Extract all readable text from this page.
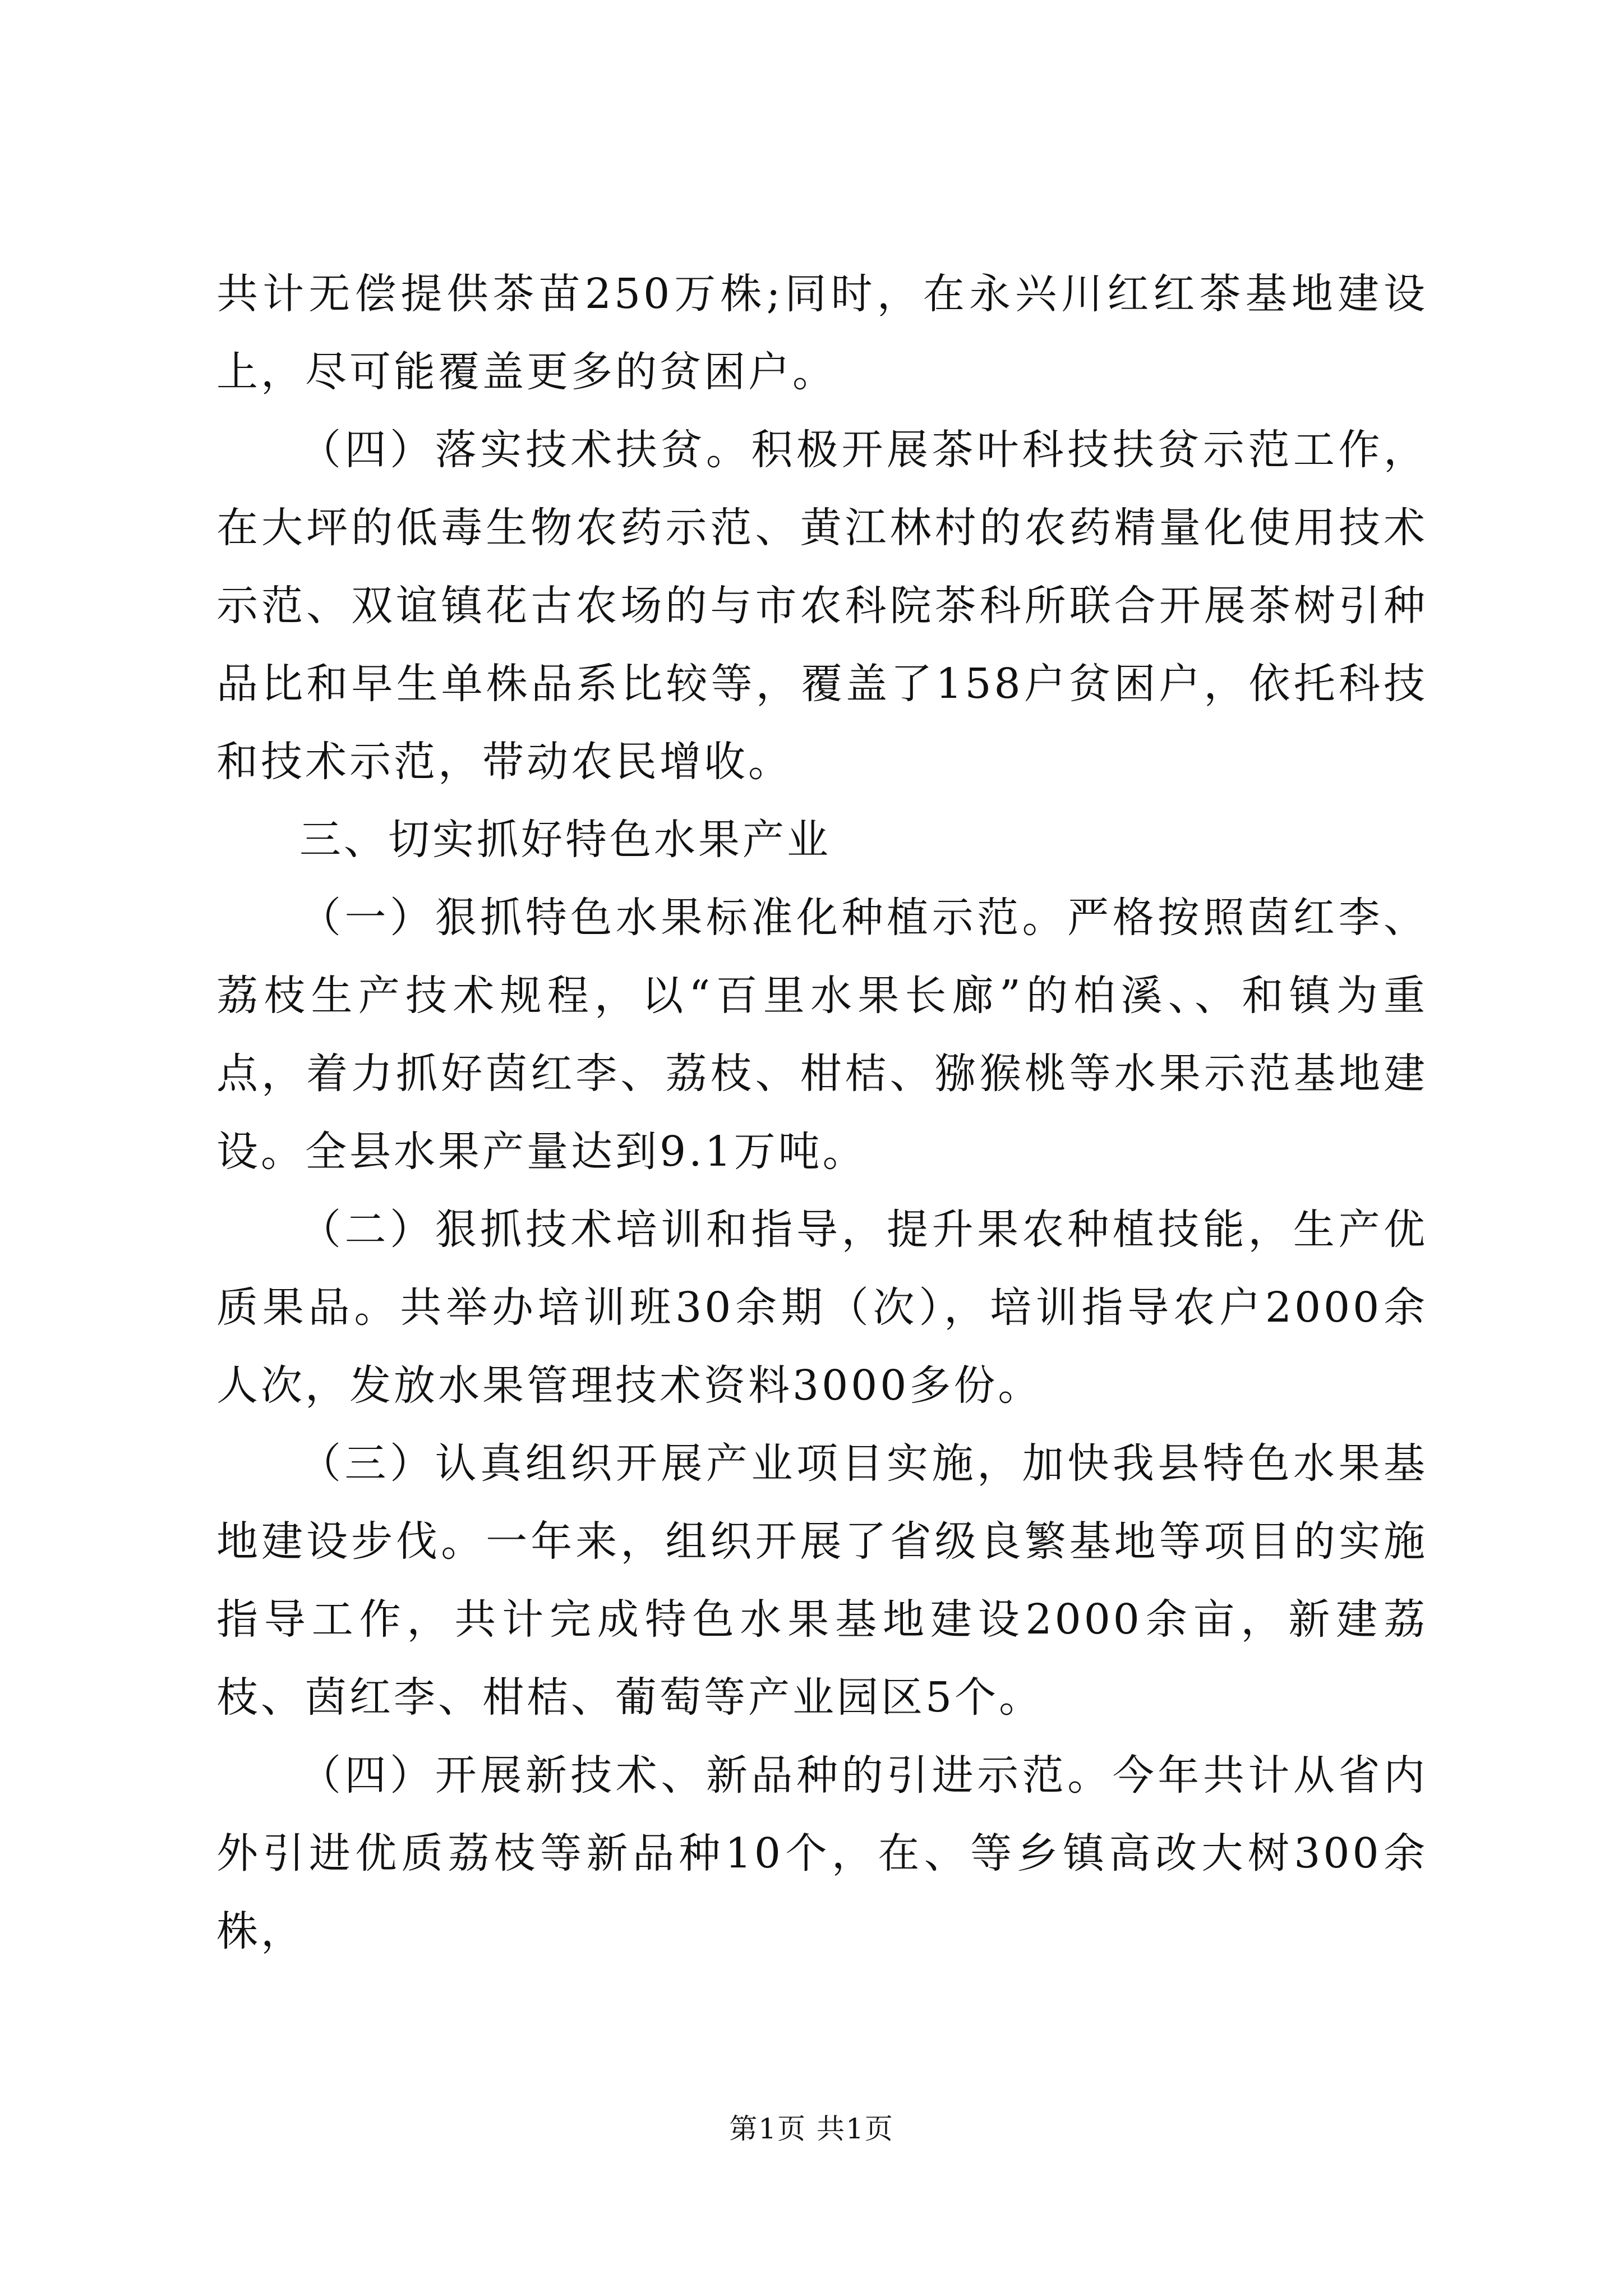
共计无偿提供茶苗250万株;同时，在永兴川红红茶基地建设上，尽可能覆盖更多的贫困户。

（四）落实技术扶贫。积极开展茶叶科技扶贫示范工作，在大坪的低毒生物农药示范、黄江林村的农药精量化使用技术示范、双谊镇花古农场的与市农科院茶科所联合开展茶树引种品比和早生单株品系比较等，覆盖了158户贫困户，依托科技和技术示范，带动农民增收。

三、切实抓好特色水果产业

（一）狠抓特色水果标准化种植示范。严格按照茵红李、荔枝生产技术规程，以“百里水果长廊”的柏溪、、和镇为重点，着力抓好茵红李、荔枝、柑桔、猕猴桃等水果示范基地建设。全县水果产量达到9.1万吨。

（二）狠抓技术培训和指导，提升果农种植技能，生产优质果品。共举办培训班30余期（次），培训指导农户2000余人次，发放水果管理技术资料3000多份。

（三）认真组织开展产业项目实施，加快我县特色水果基地建设步伐。一年来，组织开展了省级良繁基地等项目的实施指导工作，共计完成特色水果基地建设2000余亩，新建荔枝、茵红李、柑桔、葡萄等产业园区5个。

（四）开展新技术、新品种的引进示范。今年共计从省内外引进优质荔枝等新品种10个，在、等乡镇高改大树300余株，

第1页 共1页
